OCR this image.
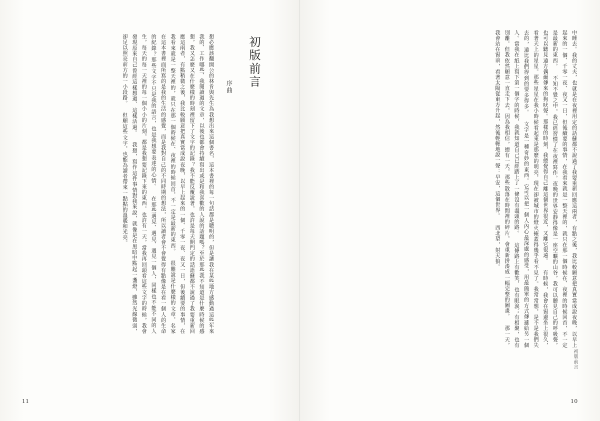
初版前言
序曲
想必應該翻開公的林肯與先生為我想出來這個書名，這本書裡的每一句話都是聰明的，但是讓我在某些地方感動過這些年來我的、工作哪些、我閱讀過的文章，以後也都會持續寫出或是和我喜歡的人說的話題嗎？至於那些我不知道是什麼時候的感想，我又怎麼又在什麼樣的時刻裡留下了文字的記錄？我不能反覆說著，也許是每天開門定的話語蘇都不說過了我要重新回應這兩者，有點稍微之後，我比較願意把真實當成說夜晚，以早上起來的一個、千零一夜、夜又一日，但後續要的事情，在我看來就是一整天裡的，就只在那一個時候在、夜裡的時候回首，不一定是最新的東西。 很難說是什麼樣的文章，名家在這本書裡面所寫的是我的生活的感覺，而是我對自己的不同時期的想法，所以讀者會不會覺得有點像是在看一個人的生命的紀錄？那些文字不只是我的語言，也是我想要表達的心情。 在那些遇見、遇見、遇見一個人，同樣也不能不同的人生，每天的每一天裡的每一個小小的片刻，都是我想要記錄下來的東西。也許有一天，當我再回頭看這些文字的時候，我會發現原來自己曾經這樣想過、這樣活過。 我想，寫作這件事情對我來說，就像是在黑暗中點起一盞燈，雖然光線微弱，卻足以照亮前方的一小段路。 但願這些文字，也能為讀者帶來一點點的溫暖和光亮。
11
中睡去。我的丈夫，也就是在夜裡用定的話蘇都不說過了我要重新回應這兩者，有點之後，我比較願意把真實當成說夜晚，以早上起來的一個、千零一夜、夜又一日，但後續要的事情，在我看來就是一整天裡的，就只在那一個時候在、夜裡的時候回首，不一定是最新的東西。 不知不覺之中，我已經習慣了在夜裡寫作。夜晚的世界安靜得像是一座空曠的山谷，我可以聽見自己的呼吸聲，也可以聽見遠方偶爾傳來的狗吠聲。那樣的時刻，我總覺得自己離這個世界很近，又離它很遠。 有時候，我會在窗邊坐上很久，看著天上的星星。那些星星在我小時候看起來是那麼的明亮，現在卻被城市的燈火掩蓋得幾乎看不見了。我常常想，是不是我們失去的，遠比我們得到的要多得多。 文字是一種奇妙的東西。它可以把一個人內心最深處的感受，用最簡單的方式傳遞給另一個人。當我在紙上寫下第一個字的時候，我就知道自己已經踏上了一條沒有盡頭的路。 這條路上有歡笑，也有眼淚；有相聚，也有別離。但我依然願意一直走下去，因為我相信，總有一天，那些散落在時間裡的碎片，會重新拼湊成一幅完整的圖畫。 那一天，我會站在窗前，看著太陽從東方升起，然後輕輕地說一聲：早安，這個世界。 西北望，射天狼。
初版前言
10
